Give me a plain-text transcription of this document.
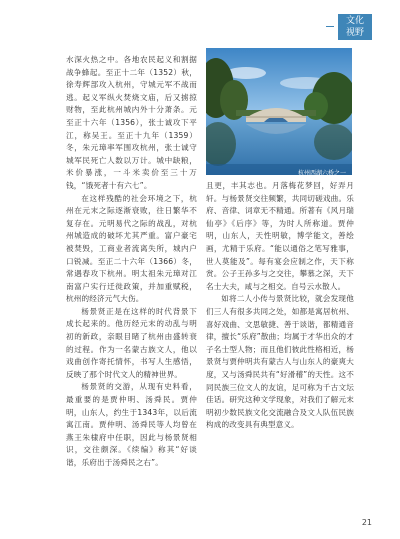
文化
视野

水深火热之中。各地农民起义和割据战争蜂起。至正十二年（1352）秋，徐寿辉部攻入杭州，守城元军不战而逃。起义军纵火焚烧文庙，后又掳掠财物，至此杭州城内外十分萧条。元至正十六年（1356），张士诚攻下平江，称吴王。至正十九年（1359）冬，朱元璋率军围攻杭州，张士诚守城军民死亡人数以万计。城中缺粮，米价暴涨，一斗米卖价至三十万钱，“饿死者十有六七”。

在这样残酷的社会环境之下，杭州在元末之际逐渐衰败，往日繁华不复存在。元明易代之际的战乱，对杭州城造成的破坏尤其严重。富户豪宅被焚毁，工商业者流离失所，城内户口锐减。至正二十六年（1366）冬，常遇春攻下杭州。明太祖朱元璋对江南富户实行迁徙政策，并加重赋税，杭州的经济元气大伤。

杨景贤正是在这样的时代背景下成长起来的。他历经元末的动乱与明初的新政，亲眼目睹了杭州由盛转衰的过程。作为一名蒙古族文人，他以戏曲创作寄托情怀，书写人生感悟，反映了那个时代文人的精神世界。

杨景贤的交游，从现有史料看，最重要的是贾仲明、汤舜民。贾仲明，山东人，约生于1343年，以后流寓江南。贾仲明、汤舜民等人均曾在燕王朱棣府中任职，因此与杨景贤相识，交往颇深。《续编》称其“好谈谐，乐府出于汤舜民之右”。

杭州西湖六桥之一

且更，丰其志也。月落梅花梦回，好弄月轩。与杨景贤交往频繁，共同切磋戏曲。乐府、音律、词章无不精通。所著有《风月瑞仙亭》《后序》等，为时人所称道。贾仲明，山东人，天性明敏，博学能文，善绘画，尤精于乐府。“能以通俗之笔写雅事，世人莫能及”。每有宴会应制之作，天下称赏。公子王孙多与之交往，攀慕之深，天下名士大夫，咸与之相交。自号云水散人。

如将二人小传与景贤比较，就会发现他们三人有很多共同之处，如都是寓居杭州、喜好戏曲、文思敏捷、善于谈谐，都精通音律，擅长“乐府”散曲；均属于才华出众的才子名士型人物；而且他们彼此性格相近，杨景贤与贾仲明共有蒙古人与山东人的豪爽大度，又与汤舜民共有“好滑稽”的天性。这不同民族三位文人的友谊，足可称为千古文坛佳话。研究这种文学现象，对我们了解元末明初少数民族文化交流融合及文人队伍民族构成的改变具有典型意义。

21
